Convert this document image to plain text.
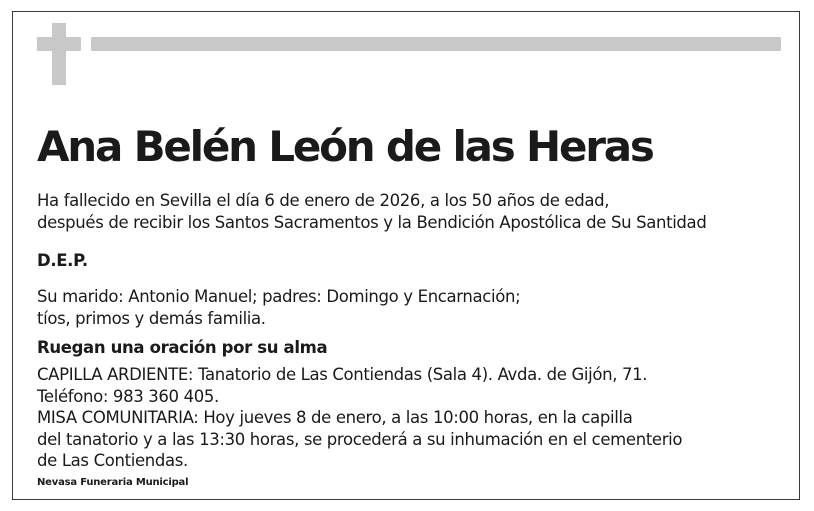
Ana Belén León de las Heras
Ha fallecido en Sevilla el día 6 de enero de 2026, a los 50 años de edad,
después de recibir los Santos Sacramentos y la Bendición Apostólica de Su Santidad
D.E.P.
Su marido: Antonio Manuel; padres: Domingo y Encarnación;
tíos, primos y demás familia.
Ruegan una oración por su alma
CAPILLA ARDIENTE: Tanatorio de Las Contiendas (Sala 4). Avda. de Gijón, 71.
Teléfono: 983 360 405.
MISA COMUNITARIA: Hoy jueves 8 de enero, a las 10:00 horas, en la capilla
del tanatorio y a las 13:30 horas, se procederá a su inhumación en el cementerio
de Las Contiendas.
Nevasa Funeraria Municipal
